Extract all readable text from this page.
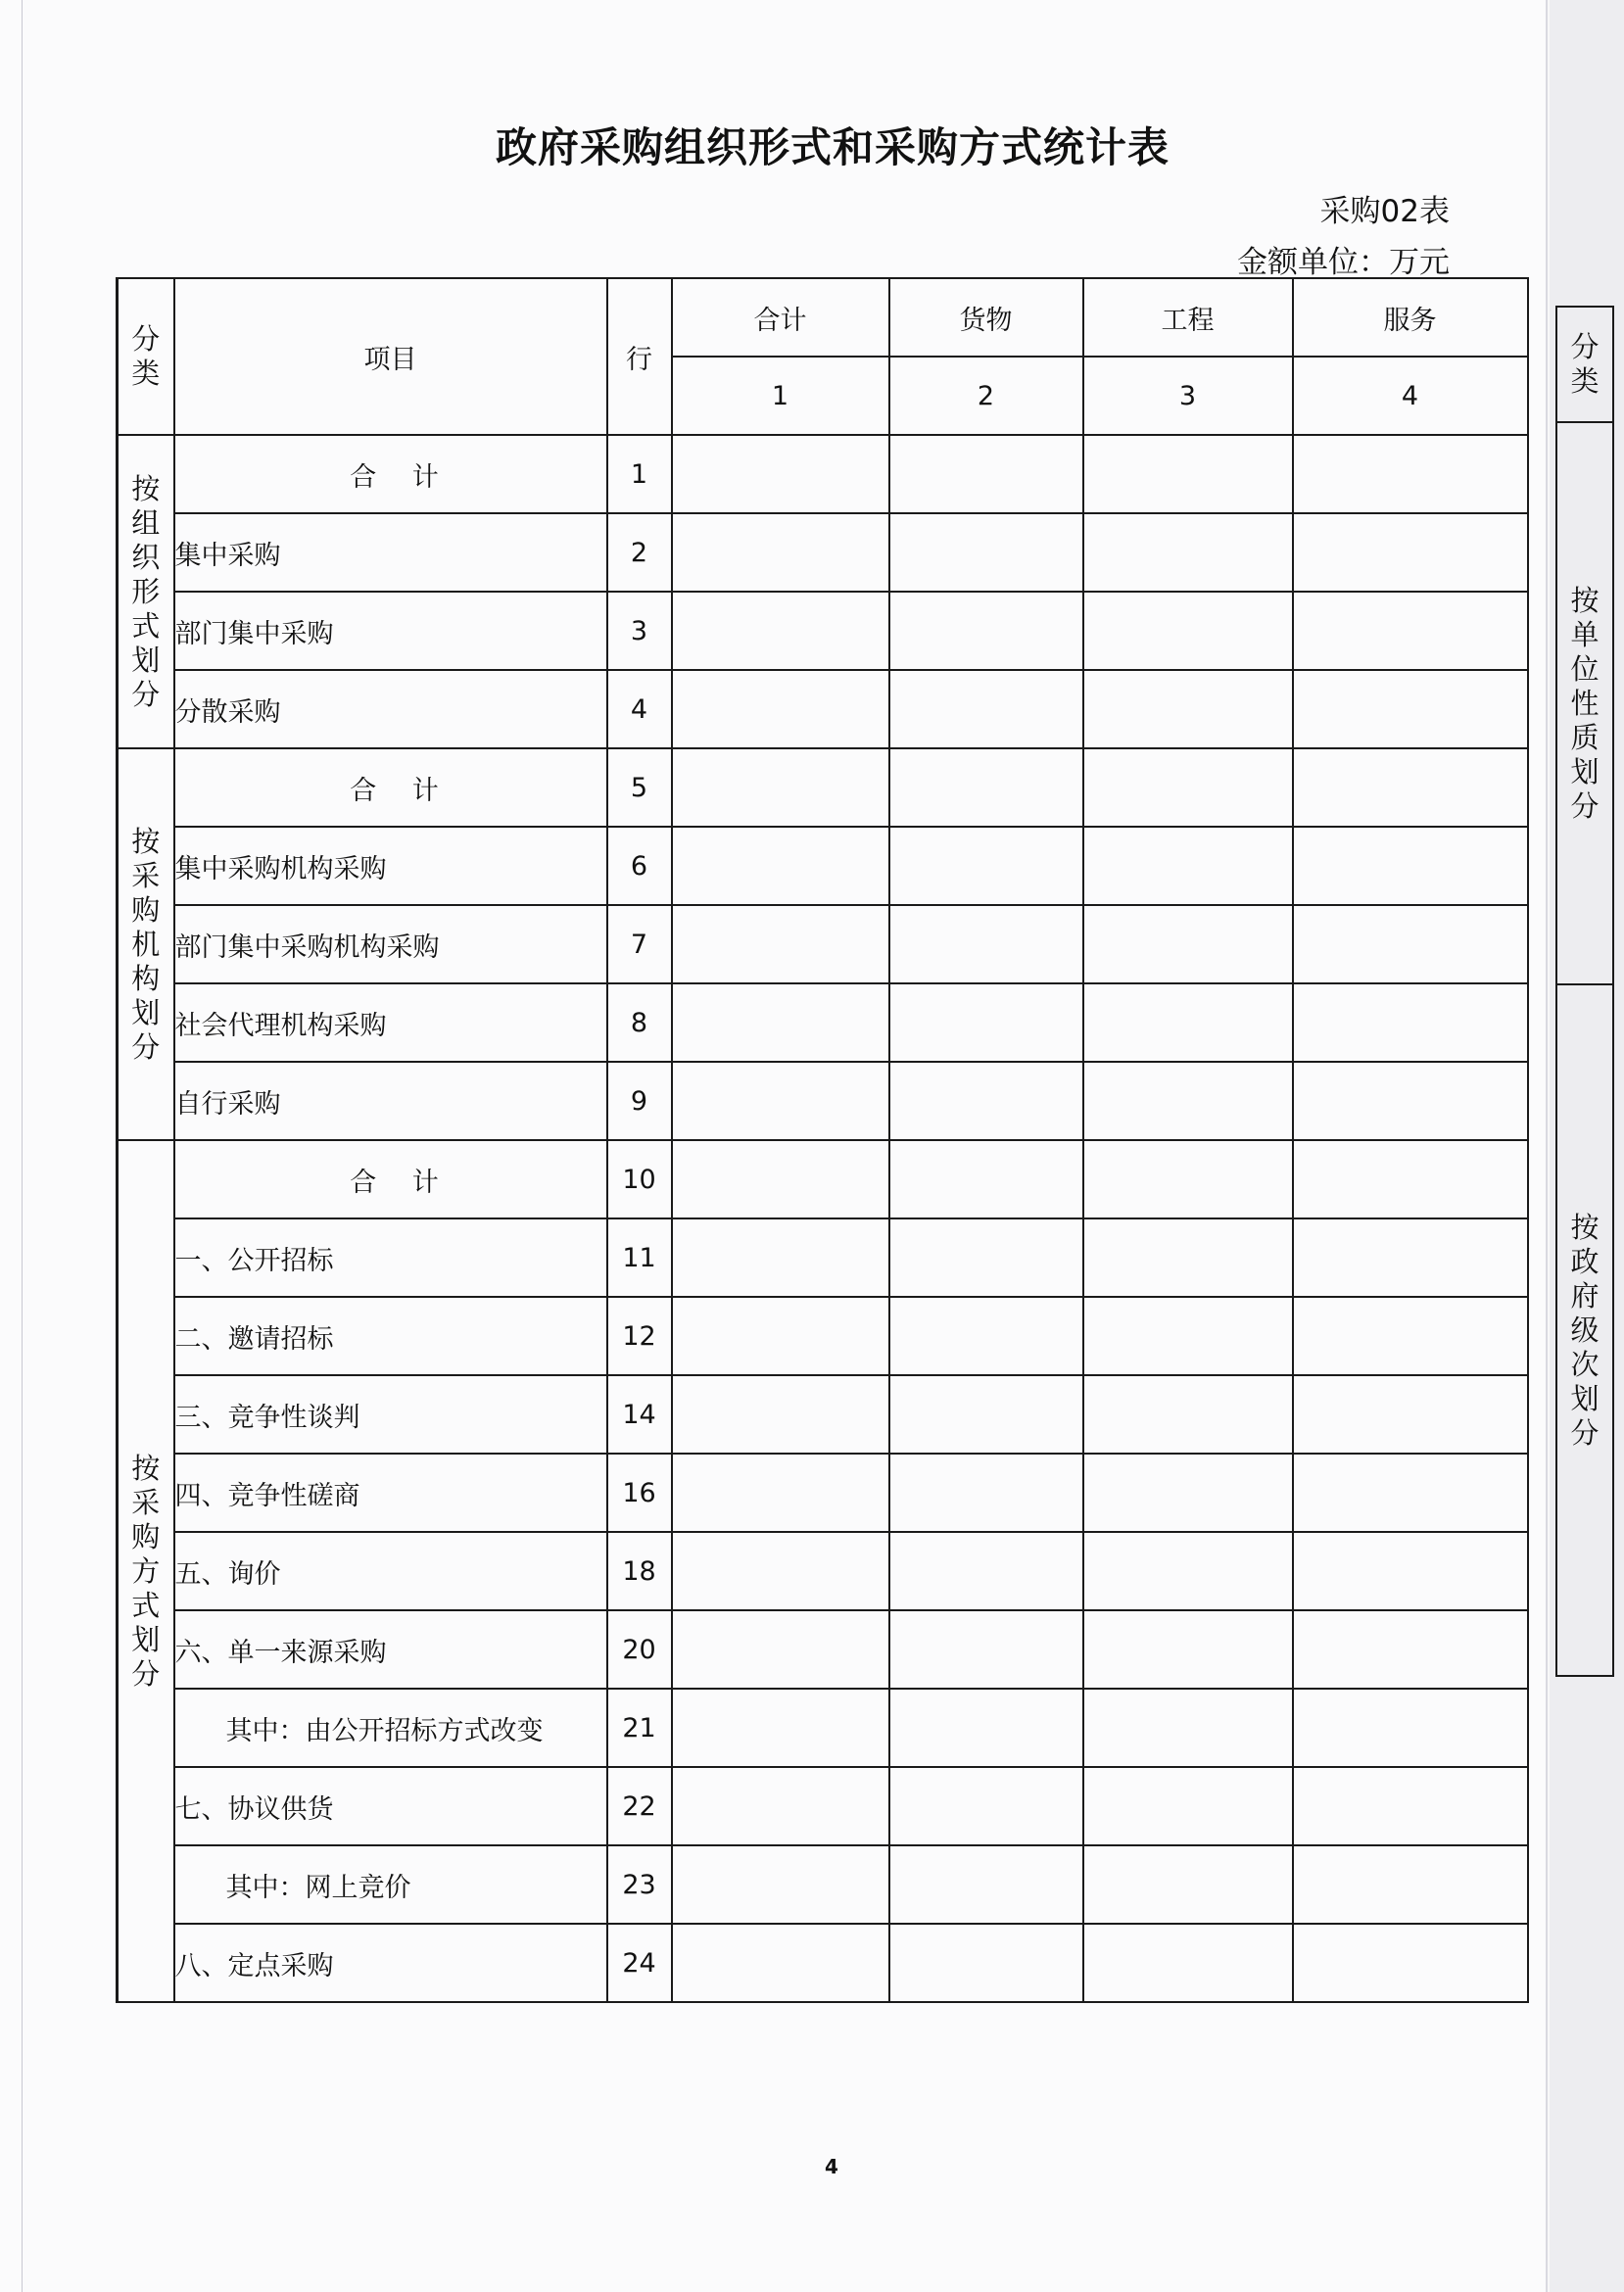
政府采购组织形式和采购方式统计表
采购02表
金额单位：万元
分类	项目	行	合计	货物	工程	服务
			1	2	3	4
按组织形式划分	合 计	1				
	集中采购	2				
	部门集中采购	3				
	分散采购	4				
按采购机构划分	合 计	5				
	集中采购机构采购	6				
	部门集中采购机构采购	7				
	社会代理机构采购	8				
	自行采购	9				
按采购方式划分	合 计	10				
	一、公开招标	11				
	二、邀请招标	12				
	三、竞争性谈判	14				
	四、竞争性磋商	16				
	五、询价	18				
	六、单一来源采购	20				
	其中：由公开招标方式改变	21				
	七、协议供货	22				
	其中：网上竞价	23				
	八、定点采购	24				
4
分类
按单位性质划分
按政府级次划分
